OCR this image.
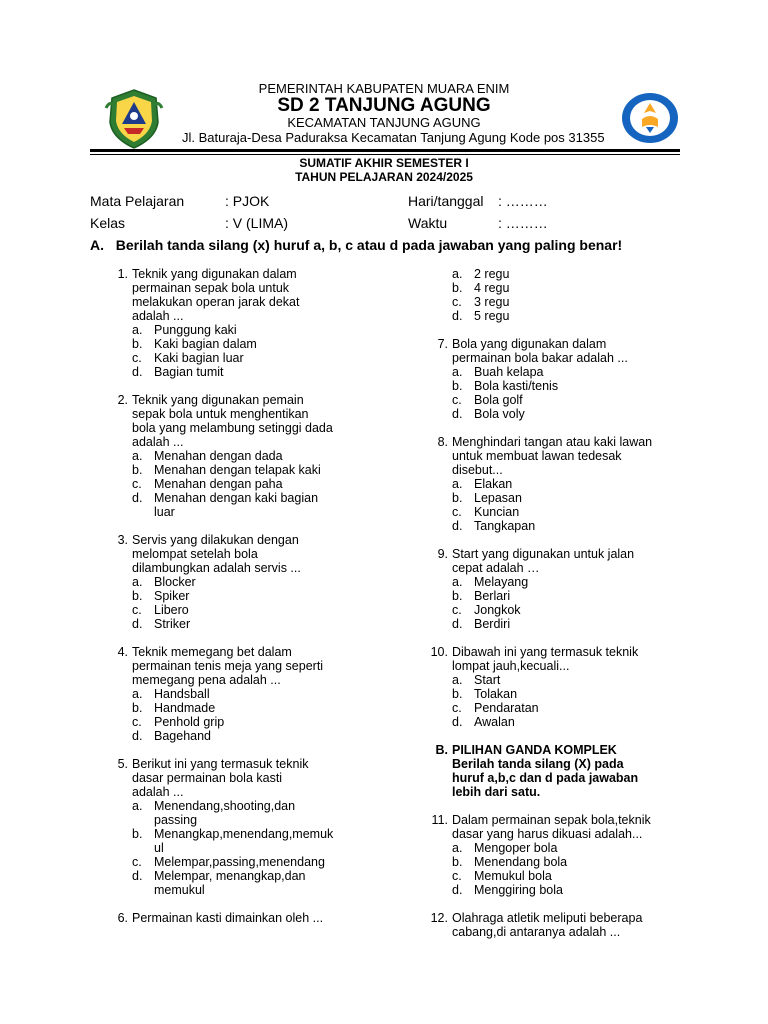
PEMERINTAH KABUPATEN MUARA ENIM
SD 2 TANJUNG AGUNG
KECAMATAN TANJUNG AGUNG
Jl. Baturaja-Desa Paduraksa Kecamatan Tanjung Agung Kode pos 31355
SUMATIF AKHIR SEMESTER I
TAHUN PELAJARAN 2024/2025
Mata Pelajaran	: PJOK	Hari/tanggal : ………
Kelas	: V (LIMA)	Waktu	: ………
A. Berilah tanda silang (x) huruf a, b, c atau d pada jawaban yang paling benar!
1. Teknik yang digunakan dalam
permainan sepak bola untuk
melakukan operan jarak dekat
adalah ...
a. Punggung kaki
b. Kaki bagian dalam
c. Kaki bagian luar
d. Bagian tumit
2. Teknik yang digunakan pemain
sepak bola untuk menghentikan
bola yang melambung setinggi dada
adalah ...
a. Menahan dengan dada
b. Menahan dengan telapak kaki
c. Menahan dengan paha
d. Menahan dengan kaki bagian
luar
3. Servis yang dilakukan dengan
melompat setelah bola
dilambungkan adalah servis ...
a. Blocker
b. Spiker
c. Libero
d. Striker
4. Teknik memegang bet dalam
permainan tenis meja yang seperti
memegang pena adalah ...
a. Handsball
b. Handmade
c. Penhold grip
d. Bagehand
5. Berikut ini yang termasuk teknik
dasar permainan bola kasti
adalah ...
a. Menendang,shooting,dan
passing
b. Menangkap,menendang,memuk
ul
c. Melempar,passing,menendang
d. Melempar, menangkap,dan
memukul
6. Permainan kasti dimainkan oleh ...
a. 2 regu
b. 4 regu
c. 3 regu
d. 5 regu
7. Bola yang digunakan dalam
permainan bola bakar adalah ...
a. Buah kelapa
b. Bola kasti/tenis
c. Bola golf
d. Bola voly
8. Menghindari tangan atau kaki lawan
untuk membuat lawan tedesak
disebut...
a. Elakan
b. Lepasan
c. Kuncian
d. Tangkapan
9. Start yang digunakan untuk jalan
cepat adalah …
a. Melayang
b. Berlari
c. Jongkok
d. Berdiri
10. Dibawah ini yang termasuk teknik
lompat jauh,kecuali...
a. Start
b. Tolakan
c. Pendaratan
d. Awalan
B. PILIHAN GANDA KOMPLEK
Berilah tanda silang (X) pada
huruf a,b,c dan d pada jawaban
lebih dari satu.
11. Dalam permainan sepak bola,teknik
dasar yang harus dikuasi adalah...
a. Mengoper bola
b. Menendang bola
c. Memukul bola
d. Menggiring bola
12. Olahraga atletik meliputi beberapa
cabang,di antaranya adalah ...
